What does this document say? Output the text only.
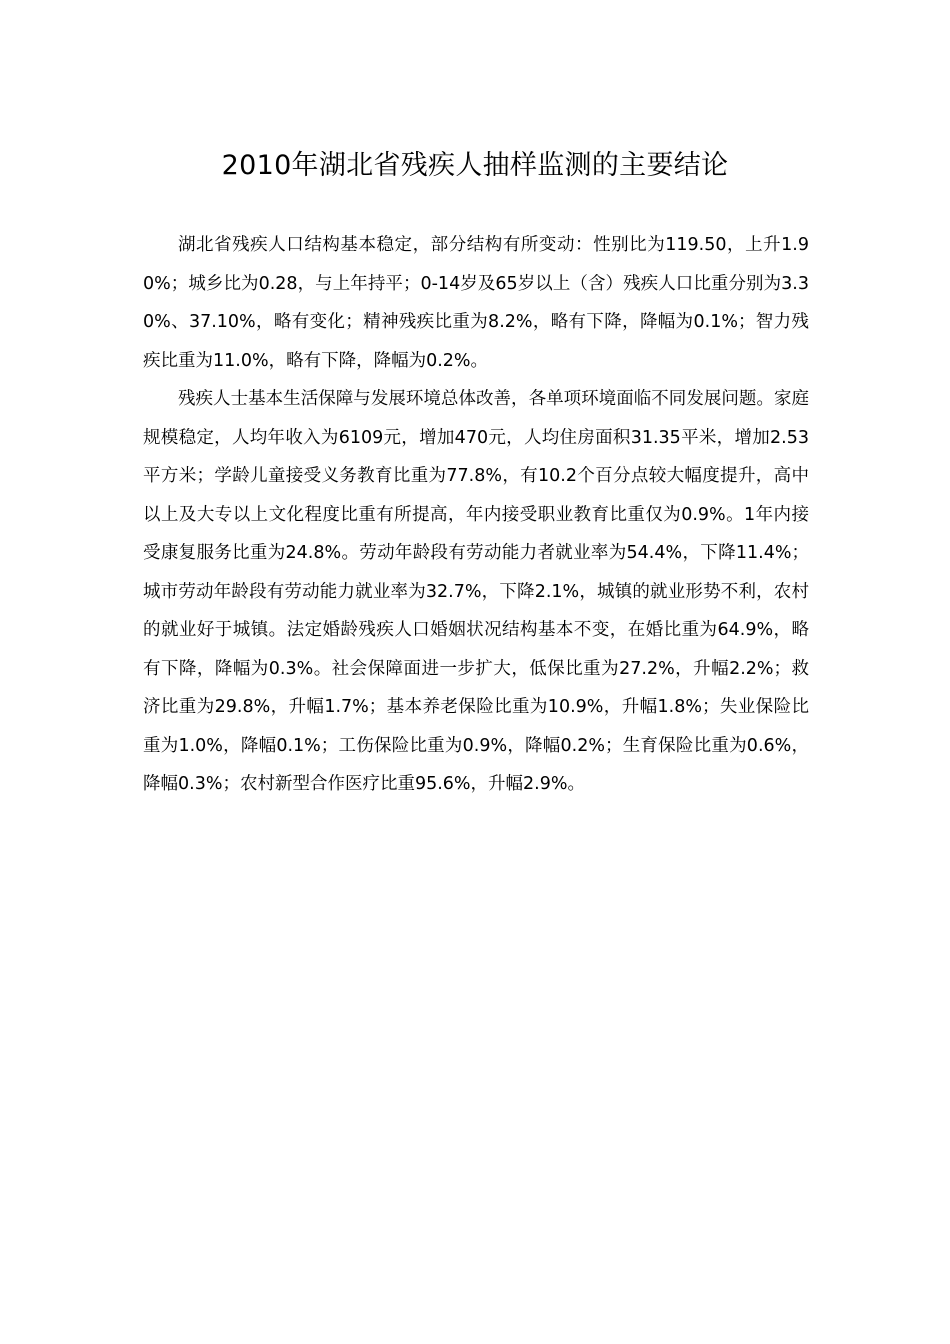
2010年湖北省残疾人抽样监测的主要结论

湖北省残疾人口结构基本稳定，部分结构有所变动：性别比为119.50，上升1.90%；城乡比为0.28，与上年持平；0-14岁及65岁以上（含）残疾人口比重分别为3.30%、37.10%，略有变化；精神残疾比重为8.2%，略有下降，降幅为0.1%；智力残疾比重为11.0%，略有下降，降幅为0.2%。

残疾人士基本生活保障与发展环境总体改善，各单项环境面临不同发展问题。家庭规模稳定，人均年收入为6109元，增加470元，人均住房面积31.35平米，增加2.53平方米；学龄儿童接受义务教育比重为77.8%，有10.2个百分点较大幅度提升，高中以上及大专以上文化程度比重有所提高，年内接受职业教育比重仅为0.9%。1年内接受康复服务比重为24.8%。劳动年龄段有劳动能力者就业率为54.4%，下降11.4%；城市劳动年龄段有劳动能力就业率为32.7%，下降2.1%，城镇的就业形势不利，农村的就业好于城镇。法定婚龄残疾人口婚姻状况结构基本不变，在婚比重为64.9%，略有下降，降幅为0.3%。社会保障面进一步扩大，低保比重为27.2%，升幅2.2%；救济比重为29.8%，升幅1.7%；基本养老保险比重为10.9%，升幅1.8%；失业保险比重为1.0%，降幅0.1%；工伤保险比重为0.9%，降幅0.2%；生育保险比重为0.6%，降幅0.3%；农村新型合作医疗比重95.6%，升幅2.9%。
